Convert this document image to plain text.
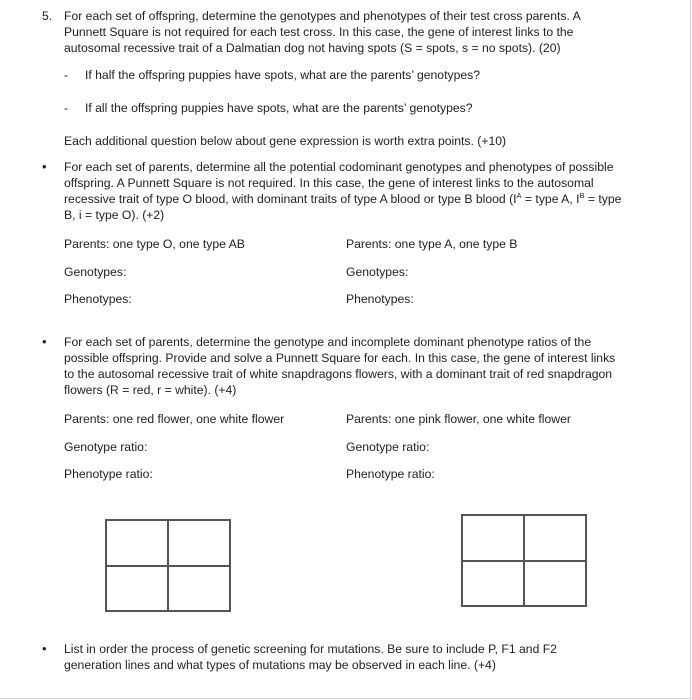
5. For each set of offspring, determine the genotypes and phenotypes of their test cross parents. A Punnett Square is not required for each test cross. In this case, the gene of interest links to the autosomal recessive trait of a Dalmatian dog not having spots (S = spots, s = no spots). (20)
- If half the offspring puppies have spots, what are the parents’ genotypes?
- If all the offspring puppies have spots, what are the parents’ genotypes?
Each additional question below about gene expression is worth extra points. (+10)
• For each set of parents, determine all the potential codominant genotypes and phenotypes of possible offspring. A Punnett Square is not required. In this case, the gene of interest links to the autosomal recessive trait of type O blood, with dominant traits of type A blood or type B blood ($I^A$ = type A, $I^B$ = type B, i = type O). (+2)
Parents: one type O, one type AB	Parents: one type A, one type B
Genotypes:	Genotypes:
Phenotypes:	Phenotypes:
• For each set of parents, determine the genotype and incomplete dominant phenotype ratios of the possible offspring. Provide and solve a Punnett Square for each. In this case, the gene of interest links to the autosomal recessive trait of white snapdragons flowers, with a dominant trait of red snapdragon flowers (R = red, r = white). (+4)
Parents: one red flower, one white flower	Parents: one pink flower, one white flower
Genotype ratio:	Genotype ratio:
Phenotype ratio:	Phenotype ratio:
• List in order the process of genetic screening for mutations. Be sure to include P, F1 and F2 generation lines and what types of mutations may be observed in each line. (+4)
